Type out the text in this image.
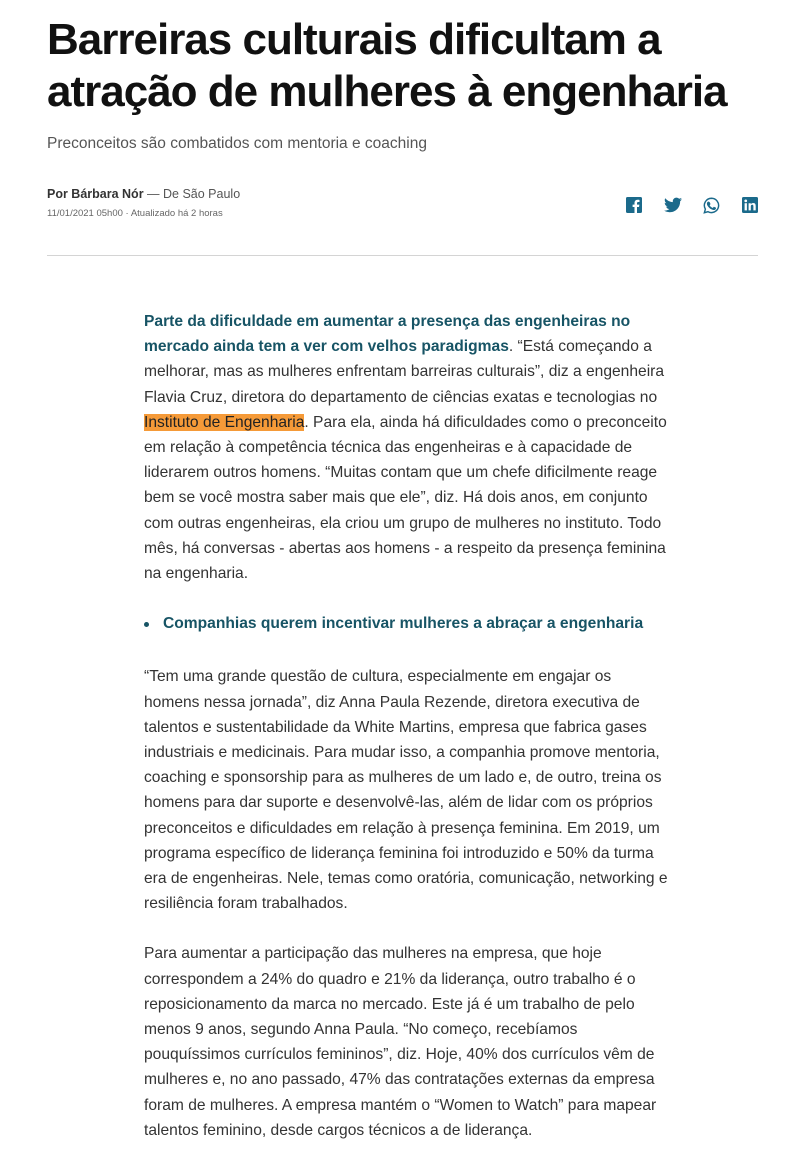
Barreiras culturais dificultam a atração de mulheres à engenharia

Preconceitos são combatidos com mentoria e coaching

Por Bárbara Nór — De São Paulo
11/01/2021 05h00 · Atualizado há 2 horas

Parte da dificuldade em aumentar a presença das engenheiras no mercado ainda tem a ver com velhos paradigmas. “Está começando a melhorar, mas as mulheres enfrentam barreiras culturais”, diz a engenheira Flavia Cruz, diretora do departamento de ciências exatas e tecnologias no Instituto de Engenharia. Para ela, ainda há dificuldades como o preconceito em relação à competência técnica das engenheiras e à capacidade de liderarem outros homens. “Muitas contam que um chefe dificilmente reage bem se você mostra saber mais que ele”, diz. Há dois anos, em conjunto com outras engenheiras, ela criou um grupo de mulheres no instituto. Todo mês, há conversas - abertas aos homens - a respeito da presença feminina na engenharia.

Companhias querem incentivar mulheres a abraçar a engenharia

“Tem uma grande questão de cultura, especialmente em engajar os homens nessa jornada”, diz Anna Paula Rezende, diretora executiva de talentos e sustentabilidade da White Martins, empresa que fabrica gases industriais e medicinais. Para mudar isso, a companhia promove mentoria, coaching e sponsorship para as mulheres de um lado e, de outro, treina os homens para dar suporte e desenvolvê-las, além de lidar com os próprios preconceitos e dificuldades em relação à presença feminina. Em 2019, um programa específico de liderança feminina foi introduzido e 50% da turma era de engenheiras. Nele, temas como oratória, comunicação, networking e resiliência foram trabalhados.

Para aumentar a participação das mulheres na empresa, que hoje correspondem a 24% do quadro e 21% da liderança, outro trabalho é o reposicionamento da marca no mercado. Este já é um trabalho de pelo menos 9 anos, segundo Anna Paula. “No começo, recebíamos pouquíssimos currículos femininos”, diz. Hoje, 40% dos currículos vêm de mulheres e, no ano passado, 47% das contratações externas da empresa foram de mulheres. A empresa mantém o “Women to Watch” para mapear talentos feminino, desde cargos técnicos a de liderança.
